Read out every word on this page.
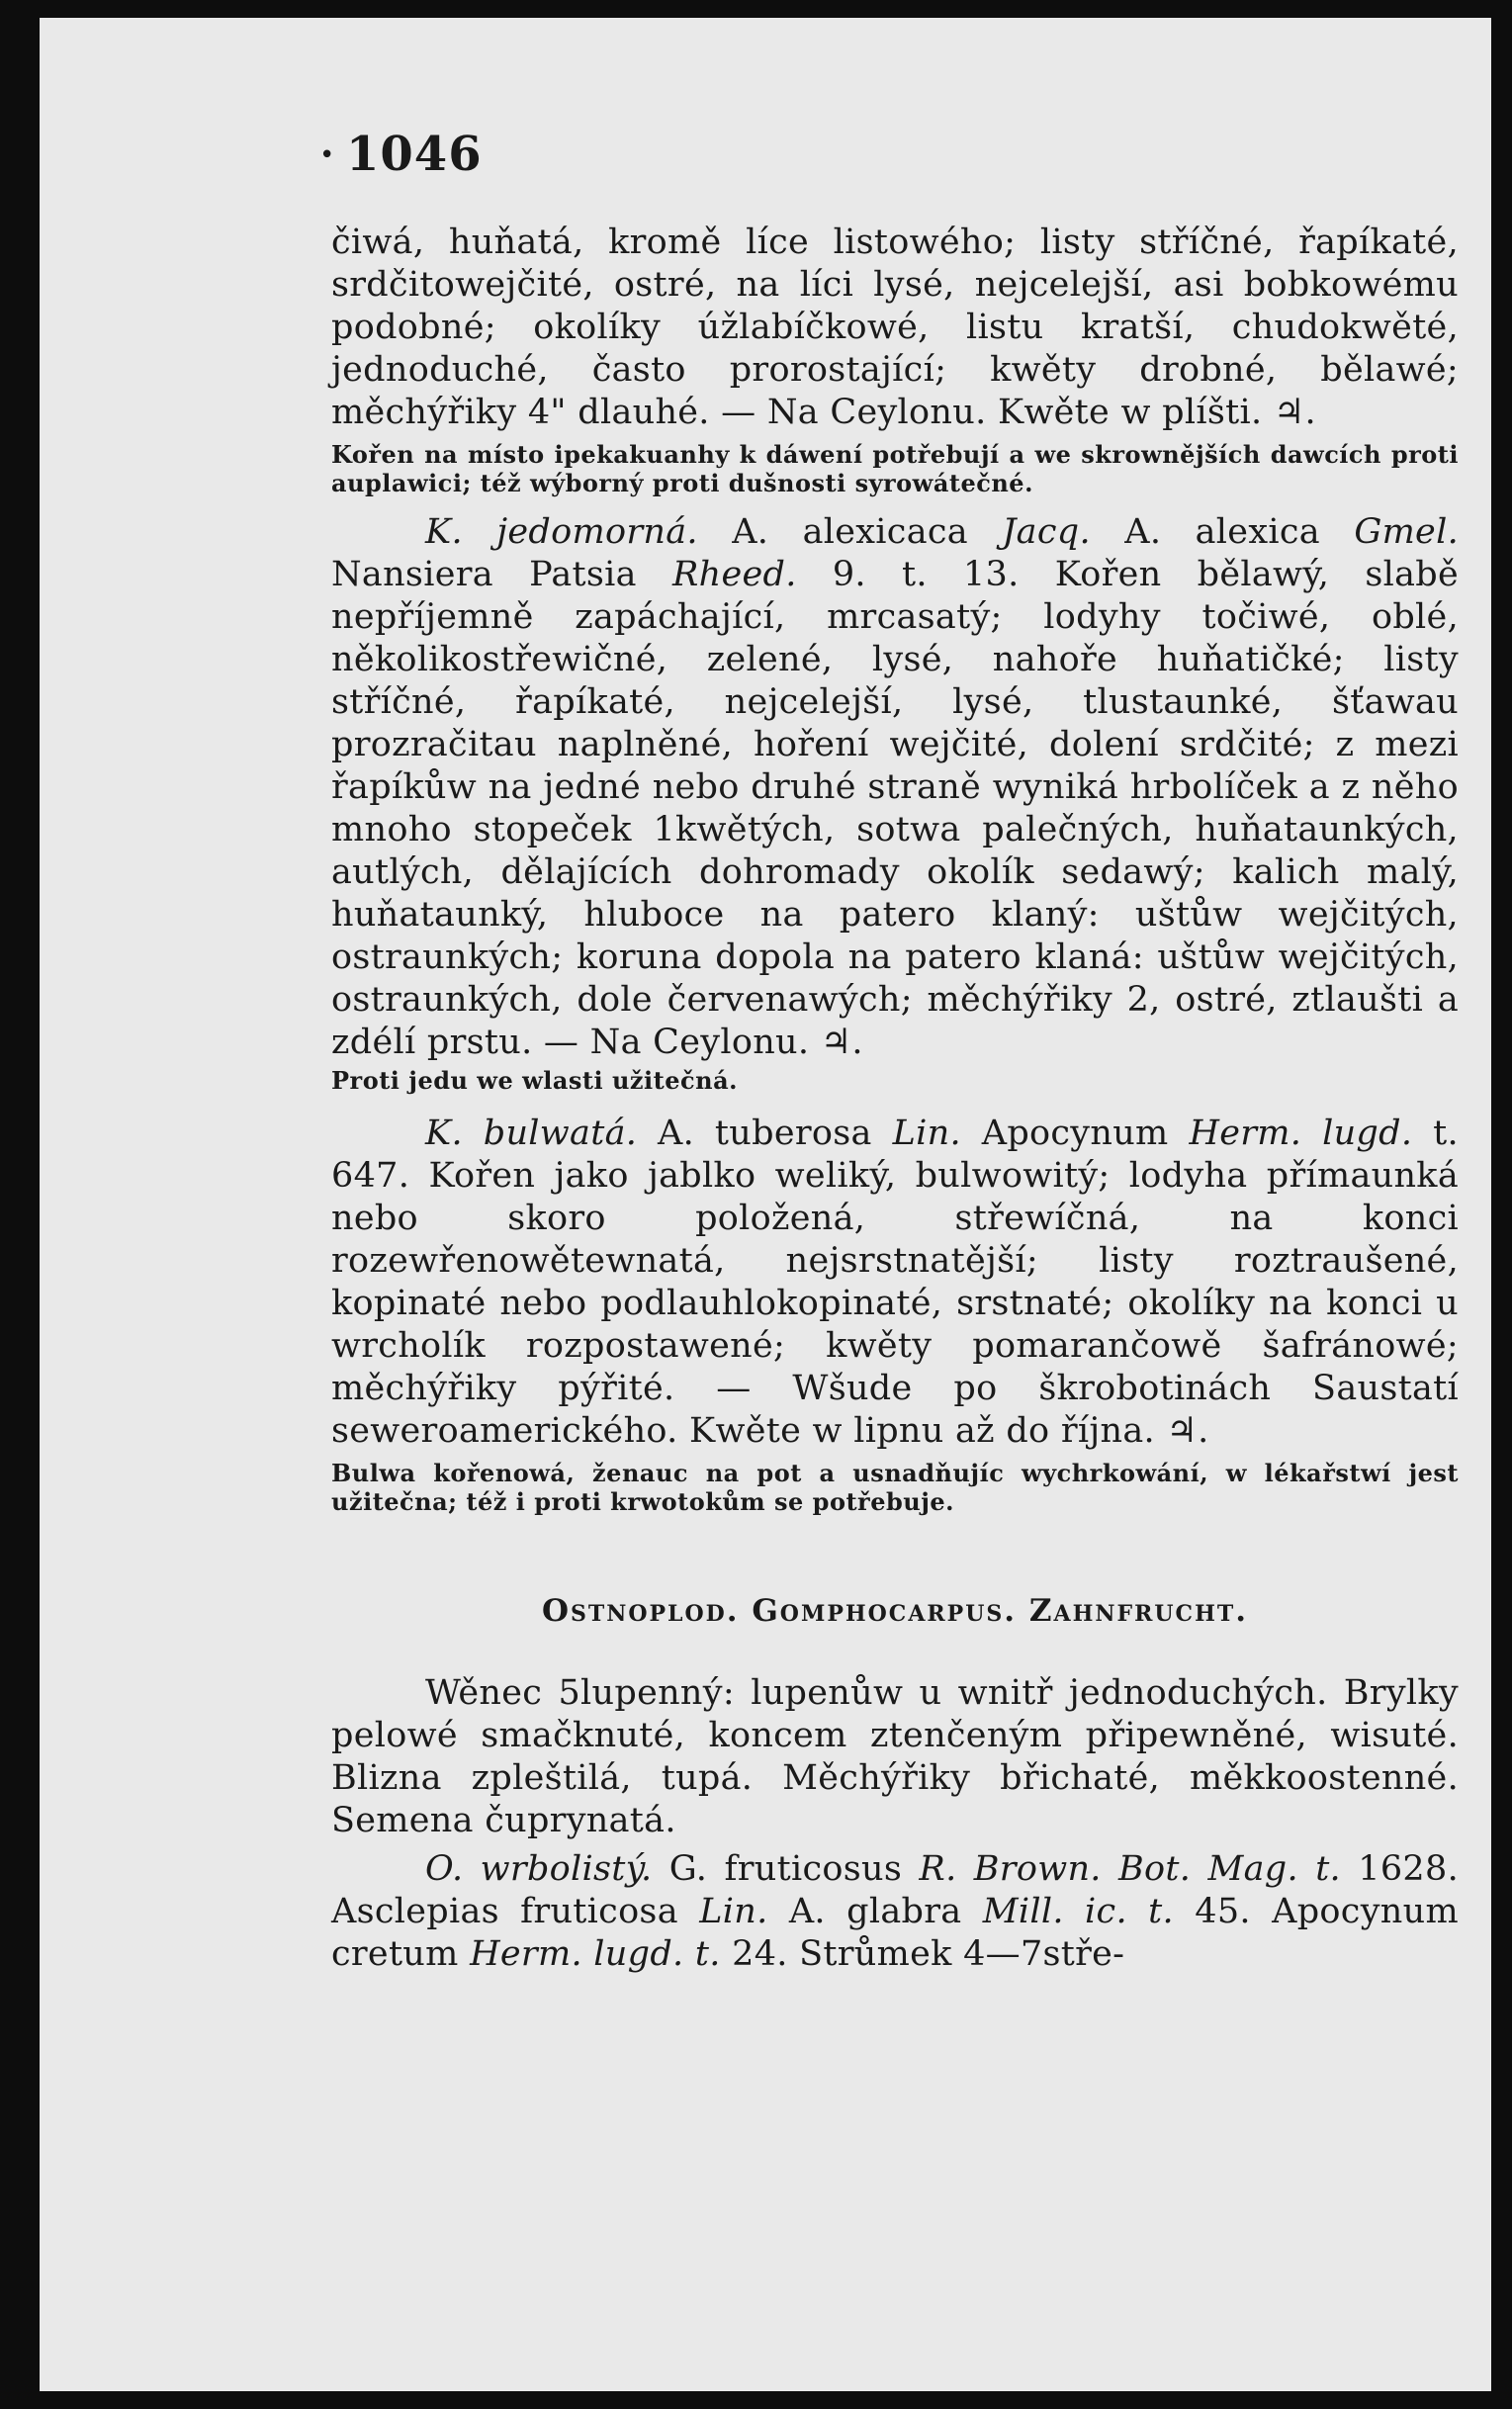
• 1046

čiwá, huňatá, kromě líce listowého; listy stříčné, řapíkaté, srdčitowejčité, ostré, na líci lysé, nejcelejší, asi bobkowému podobné; okolíky úžlabíčkowé, listu kratší, chudokwěté, jednoduché, často prorostající; kwěty drobné, bělawé; měchýřiky 4" dlauhé. — Na Ceylonu. Kwěte w plíšti. ♃.

Kořen na místo ipekakuanhy k dáwení potřebují a we skrownějších dawcích proti auplawici; též wýborný proti dušnosti syrowátečné.

K. jedomorná. A. alexicaca Jacq. A. alexica Gmel. Nansiera Patsia Rheed. 9. t. 13. Kořen bělawý, slabě nepříjemně zapáchající, mrcasatý; lodyhy točiwé, oblé, několikostřewičné, zelené, lysé, nahoře huňatičké; listy stříčné, řapíkaté, nejcelejší, lysé, tlustaunké, šťawau prozračitau naplněné, hoření wejčité, dolení srdčité; z mezi řapíkůw na jedné nebo druhé straně wyniká hrbolíček a z něho mnoho stopeček 1kwětých, sotwa palečných, huňataunkých, autlých, dělajících dohromady okolík sedawý; kalich malý, huňataunký, hluboce na patero klaný: uštůw wejčitých, ostraunkých; koruna dopola na patero klaná: uštůw wejčitých, ostraunkých, dole červenawých; měchýřiky 2, ostré, ztlaušti a zdélí prstu. — Na Ceylonu. ♃.

Proti jedu we wlasti užitečná.

K. bulwatá. A. tuberosa Lin. Apocynum Herm. lugd. t. 647. Kořen jako jablko weliký, bulwowitý; lodyha přímaunká nebo skoro položená, střewíčná, na konci rozewřenowětewnatá, nejsrstnatější; listy roztraušené, kopinaté nebo podlauhlokopinaté, srstnaté; okolíky na konci u wrcholík rozpostawené; kwěty pomarančowě šafránowé; měchýřiky pýřité. — Wšude po škrobotinách Saustatí seweroamerického. Kwěte w lipnu až do října. ♃.

Bulwa kořenowá, ženauc na pot a usnadňujíc wychrkowání, w lékařstwí jest užitečna; též i proti krwotokům se potřebuje.

Ostnoplod. Gomphocarpus. Zahnfrucht.

Wěnec 5lupenný: lupenůw u wnitř jednoduchých. Brylky pelowé smačknuté, koncem ztenčeným připewněné, wisuté. Blizna zpleštilá, tupá. Měchýřiky břichaté, měkkoostenné. Semena čuprynatá.

O. wrbolistý. G. fruticosus R. Brown. Bot. Mag. t. 1628. Asclepias fruticosa Lin. A. glabra Mill. ic. t. 45. Apocynum cretum Herm. lugd. t. 24. Strůmek 4—7střе-
